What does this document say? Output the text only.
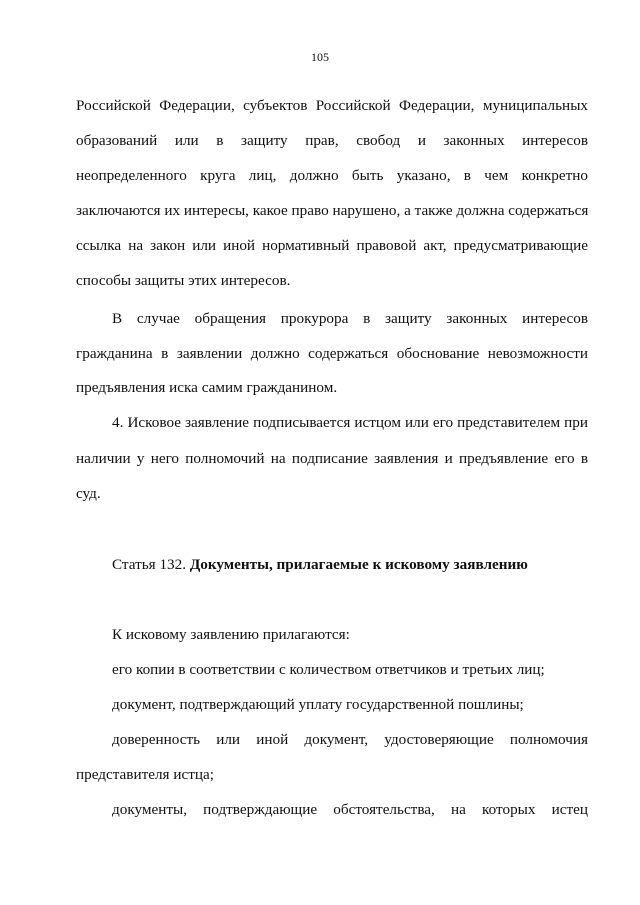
105
Российской Федерации, субъектов Российской Федерации, муниципальных
образований или в защиту прав, свобод и законных интересов
неопределенного круга лиц, должно быть указано, в чем конкретно
заключаются их интересы, какое право нарушено, а также должна содержаться
ссылка на закон или иной нормативный правовой акт, предусматривающие
способы защиты этих интересов.
В случае обращения прокурора в защиту законных интересов
гражданина в заявлении должно содержаться обоснование невозможности
предъявления иска самим гражданином.
4. Исковое заявление подписывается истцом или его представителем при
наличии у него полномочий на подписание заявления и предъявление его в
суд.
Статья 132. Документы, прилагаемые к исковому заявлению
К исковому заявлению прилагаются:
его копии в соответствии с количеством ответчиков и третьих лиц;
документ, подтверждающий уплату государственной пошлины;
доверенность или иной документ, удостоверяющие полномочия
представителя истца;
документы, подтверждающие обстоятельства, на которых истец
